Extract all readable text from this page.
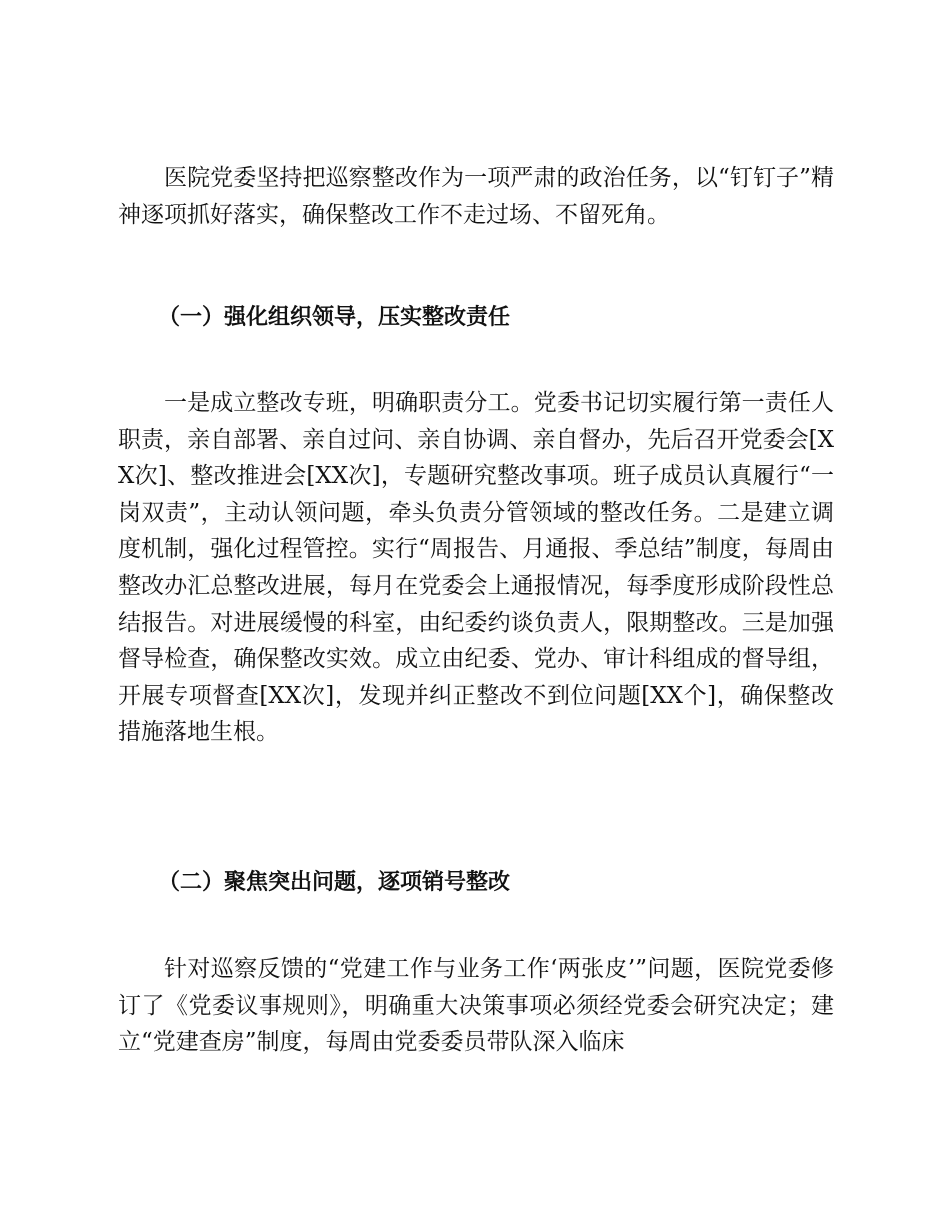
医院党委坚持把巡察整改作为一项严肃的政治任务，以“钉钉子”精神逐项抓好落实，确保整改工作不走过场、不留死角。

（一）强化组织领导，压实整改责任

一是成立整改专班，明确职责分工。党委书记切实履行第一责任人职责，亲自部署、亲自过问、亲自协调、亲自督办，先后召开党委会[XX次]、整改推进会[XX次]，专题研究整改事项。班子成员认真履行“一岗双责”，主动认领问题，牵头负责分管领域的整改任务。二是建立调度机制，强化过程管控。实行“周报告、月通报、季总结”制度，每周由整改办汇总整改进展，每月在党委会上通报情况，每季度形成阶段性总结报告。对进展缓慢的科室，由纪委约谈负责人，限期整改。三是加强督导检查，确保整改实效。成立由纪委、党办、审计科组成的督导组，开展专项督查[XX次]，发现并纠正整改不到位问题[XX个]，确保整改措施落地生根。

（二）聚焦突出问题，逐项销号整改

针对巡察反馈的“党建工作与业务工作‘两张皮’”问题，医院党委修订了《党委议事规则》，明确重大决策事项必须经党委会研究决定；建立“党建查房”制度，每周由党委委员带队深入临床
